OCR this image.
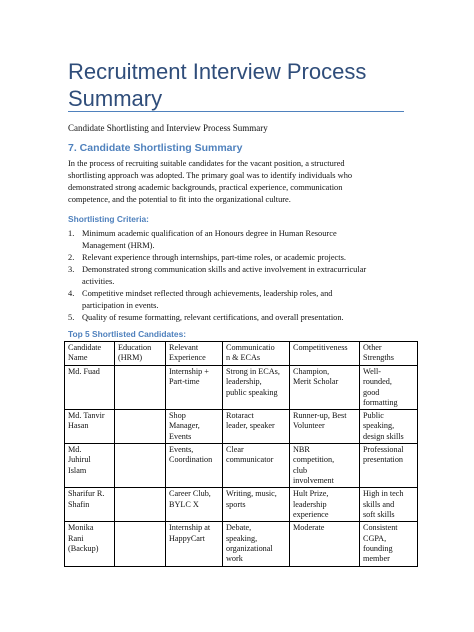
Recruitment Interview Process
Summary
Candidate Shortlisting and Interview Process Summary
7. Candidate Shortlisting Summary
In the process of recruiting suitable candidates for the vacant position, a structured
shortlisting approach was adopted. The primary goal was to identify individuals who
demonstrated strong academic backgrounds, practical experience, communication
competence, and the potential to fit into the organizational culture.
Shortlisting Criteria:
1. Minimum academic qualification of an Honours degree in Human Resource
Management (HRM).
2. Relevant experience through internships, part-time roles, or academic projects.
3. Demonstrated strong communication skills and active involvement in extracurricular
activities.
4. Competitive mindset reflected through achievements, leadership roles, and
participation in events.
5. Quality of resume formatting, relevant certifications, and overall presentation.
Top 5 Shortlisted Candidates:
Candidate
Name	Education
(HRM)	Relevant
Experience	Communicatio
n & ECAs	Competitiveness	Other
Strengths

Md. Fuad		Internship +
Part-time	Strong in ECAs,
leadership,
public speaking	Champion,
Merit Scholar	Well-
rounded,
good
formatting

Md. Tanvir
Hasan		Shop
Manager,
Events	Rotaract
leader, speaker	Runner-up, Best
Volunteer	Public
speaking,
design skills

Md.
Juhirul
Islam		Events,
Coordination	Clear
communicator	NBR
competition,
club
involvement	Professional
presentation

Sharifur R.
Shafin		Career Club,
BYLC X	Writing, music,
sports	Hult Prize,
leadership
experience	High in tech
skills and
soft skills

Monika
Rani
(Backup)		Internship at
HappyCart	Debate,
speaking,
organizational
work	Moderate	Consistent
CGPA,
founding
member
